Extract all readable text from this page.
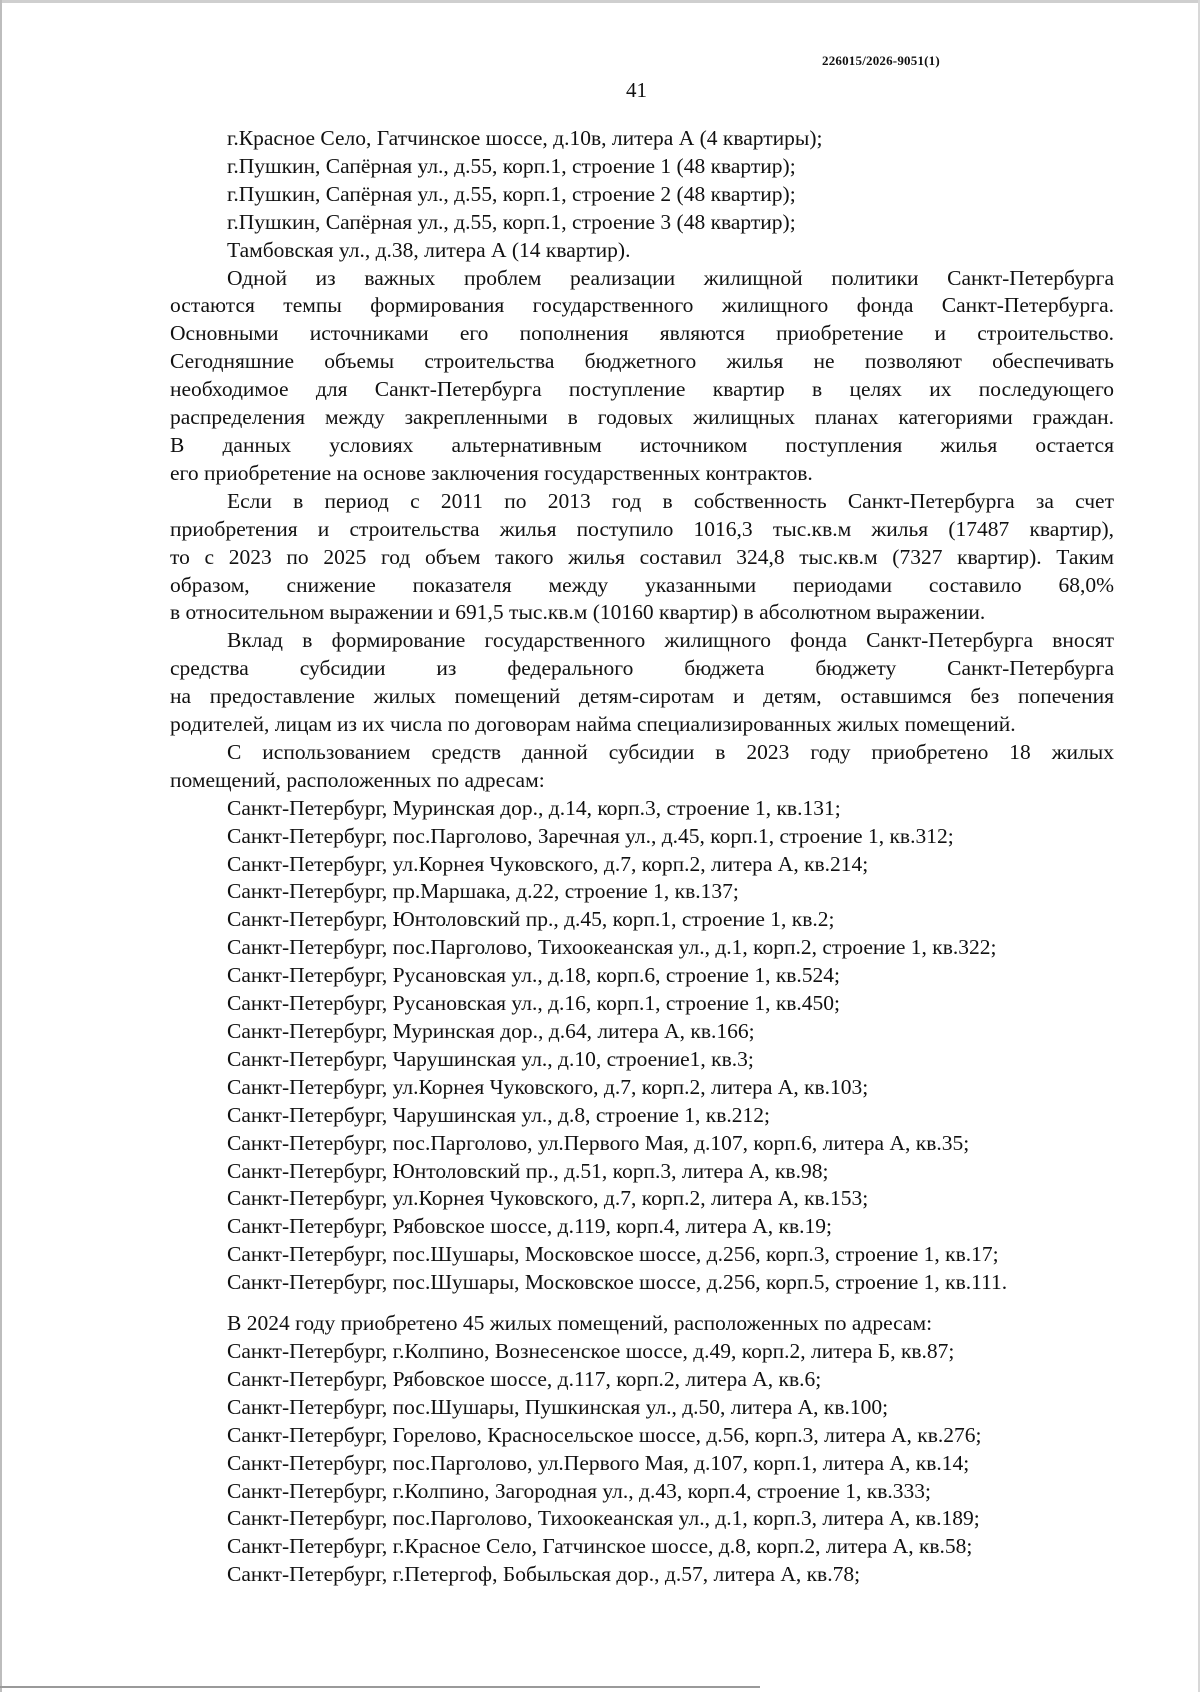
226015/2026-9051(1)
41
г.Красное Село, Гатчинское шоссе, д.10в, литера А (4 квартиры);
г.Пушкин, Сапёрная ул., д.55, корп.1, строение 1 (48 квартир);
г.Пушкин, Сапёрная ул., д.55, корп.1, строение 2 (48 квартир);
г.Пушкин, Сапёрная ул., д.55, корп.1, строение 3 (48 квартир);
Тамбовская ул., д.38, литера А (14 квартир).
Одной из важных проблем реализации жилищной политики Санкт-Петербурга
остаются темпы формирования государственного жилищного фонда Санкт-Петербурга.
Основными источниками его пополнения являются приобретение и строительство.
Сегодняшние объемы строительства бюджетного жилья не позволяют обеспечивать
необходимое для Санкт-Петербурга поступление квартир в целях их последующего
распределения между закрепленными в годовых жилищных планах категориями граждан.
В данных условиях альтернативным источником поступления жилья остается
его приобретение на основе заключения государственных контрактов.
Если в период с 2011 по 2013 год в собственность Санкт-Петербурга за счет
приобретения и строительства жилья поступило 1016,3 тыс.кв.м жилья (17487 квартир),
то с 2023 по 2025 год объем такого жилья составил 324,8 тыс.кв.м (7327 квартир). Таким
образом, снижение показателя между указанными периодами составило 68,0%
в относительном выражении и 691,5 тыс.кв.м (10160 квартир) в абсолютном выражении.
Вклад в формирование государственного жилищного фонда Санкт-Петербурга вносят
средства субсидии из федерального бюджета бюджету Санкт-Петербурга
на предоставление жилых помещений детям-сиротам и детям, оставшимся без попечения
родителей, лицам из их числа по договорам найма специализированных жилых помещений.
С использованием средств данной субсидии в 2023 году приобретено 18 жилых
помещений, расположенных по адресам:
Санкт-Петербург, Муринская дор., д.14, корп.3, строение 1, кв.131;
Санкт-Петербург, пос.Парголово, Заречная ул., д.45, корп.1, строение 1, кв.312;
Санкт-Петербург, ул.Корнея Чуковского, д.7, корп.2, литера А, кв.214;
Санкт-Петербург, пр.Маршака, д.22, строение 1, кв.137;
Санкт-Петербург, Юнтоловский пр., д.45, корп.1, строение 1, кв.2;
Санкт-Петербург, пос.Парголово, Тихоокеанская ул., д.1, корп.2, строение 1, кв.322;
Санкт-Петербург, Русановская ул., д.18, корп.6, строение 1, кв.524;
Санкт-Петербург, Русановская ул., д.16, корп.1, строение 1, кв.450;
Санкт-Петербург, Муринская дор., д.64, литера А, кв.166;
Санкт-Петербург, Чарушинская ул., д.10, строение1, кв.3;
Санкт-Петербург, ул.Корнея Чуковского, д.7, корп.2, литера А, кв.103;
Санкт-Петербург, Чарушинская ул., д.8, строение 1, кв.212;
Санкт-Петербург, пос.Парголово, ул.Первого Мая, д.107, корп.6, литера А, кв.35;
Санкт-Петербург, Юнтоловский пр., д.51, корп.3, литера А, кв.98;
Санкт-Петербург, ул.Корнея Чуковского, д.7, корп.2, литера А, кв.153;
Санкт-Петербург, Рябовское шоссе, д.119, корп.4, литера А, кв.19;
Санкт-Петербург, пос.Шушары, Московское шоссе, д.256, корп.3, строение 1, кв.17;
Санкт-Петербург, пос.Шушары, Московское шоссе, д.256, корп.5, строение 1, кв.111.
В 2024 году приобретено 45 жилых помещений, расположенных по адресам:
Санкт-Петербург, г.Колпино, Вознесенское шоссе, д.49, корп.2, литера Б, кв.87;
Санкт-Петербург, Рябовское шоссе, д.117, корп.2, литера А, кв.6;
Санкт-Петербург, пос.Шушары, Пушкинская ул., д.50, литера А, кв.100;
Санкт-Петербург, Горелово, Красносельское шоссе, д.56, корп.3, литера А, кв.276;
Санкт-Петербург, пос.Парголово, ул.Первого Мая, д.107, корп.1, литера А, кв.14;
Санкт-Петербург, г.Колпино, Загородная ул., д.43, корп.4, строение 1, кв.333;
Санкт-Петербург, пос.Парголово, Тихоокеанская ул., д.1, корп.3, литера А, кв.189;
Санкт-Петербург, г.Красное Село, Гатчинское шоссе, д.8, корп.2, литера А, кв.58;
Санкт-Петербург, г.Петергоф, Бобыльская дор., д.57, литера А, кв.78;
